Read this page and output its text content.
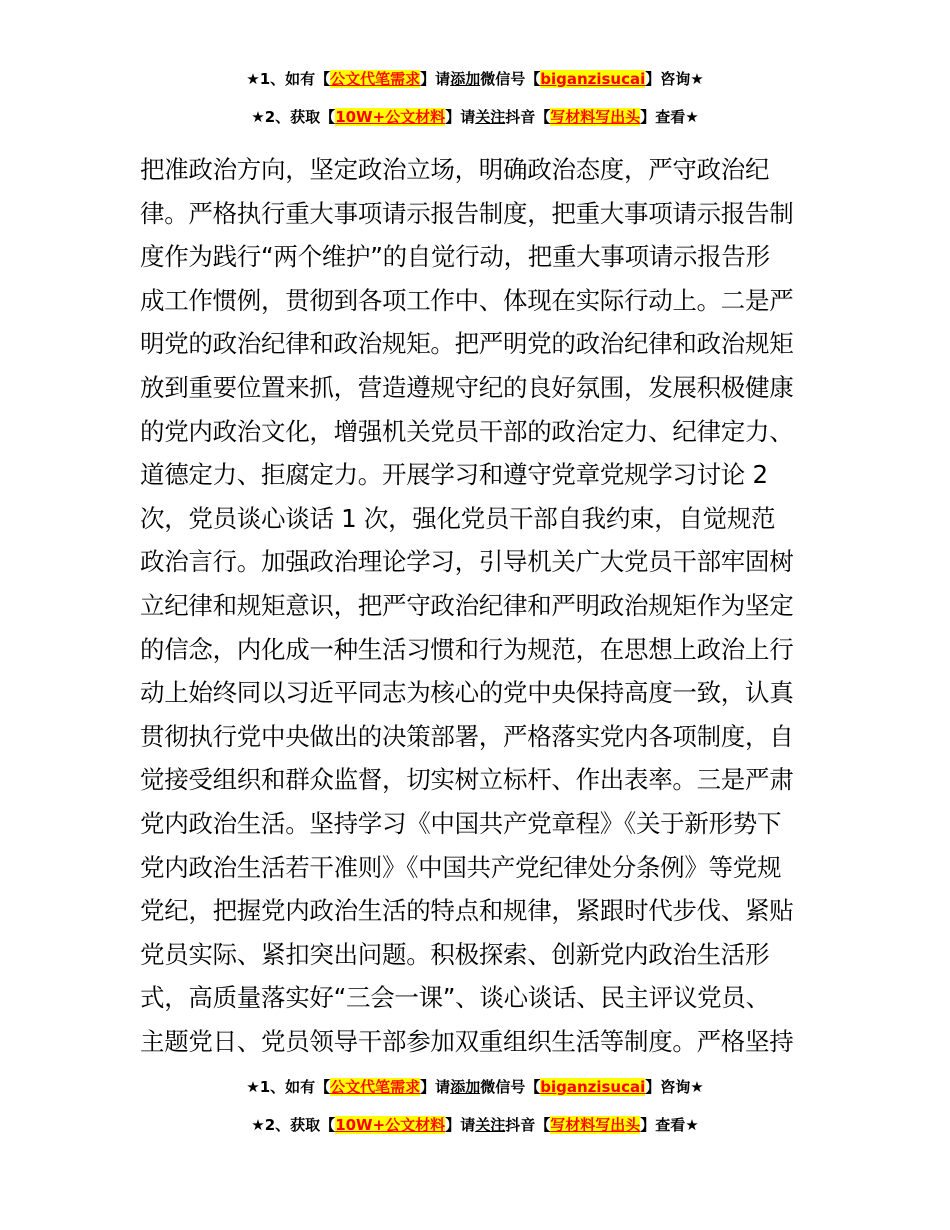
★1、如有【公文代笔需求】请添加微信号【biganzisucai】咨询★
★2、获取【10W+公文材料】请关注抖音【写材料写出头】查看★
把准政治方向，坚定政治立场，明确政治态度，严守政治纪
律。严格执行重大事项请示报告制度，把重大事项请示报告制
度作为践行“两个维护”的自觉行动，把重大事项请示报告形
成工作惯例，贯彻到各项工作中、体现在实际行动上。二是严
明党的政治纪律和政治规矩。把严明党的政治纪律和政治规矩
放到重要位置来抓，营造遵规守纪的良好氛围，发展积极健康
的党内政治文化，增强机关党员干部的政治定力、纪律定力、
道德定力、拒腐定力。开展学习和遵守党章党规学习讨论 2
次，党员谈心谈话 1 次，强化党员干部自我约束，自觉规范
政治言行。加强政治理论学习，引导机关广大党员干部牢固树
立纪律和规矩意识，把严守政治纪律和严明政治规矩作为坚定
的信念，内化成一种生活习惯和行为规范，在思想上政治上行
动上始终同以习近平同志为核心的党中央保持高度一致，认真
贯彻执行党中央做出的决策部署，严格落实党内各项制度，自
觉接受组织和群众监督，切实树立标杆、作出表率。三是严肃
党内政治生活。坚持学习《中国共产党章程》《关于新形势下
党内政治生活若干准则》《中国共产党纪律处分条例》等党规
党纪，把握党内政治生活的特点和规律，紧跟时代步伐、紧贴
党员实际、紧扣突出问题。积极探索、创新党内政治生活形
式，高质量落实好“三会一课”、谈心谈话、民主评议党员、
主题党日、党员领导干部参加双重组织生活等制度。严格坚持
★1、如有【公文代笔需求】请添加微信号【biganzisucai】咨询★
★2、获取【10W+公文材料】请关注抖音【写材料写出头】查看★
